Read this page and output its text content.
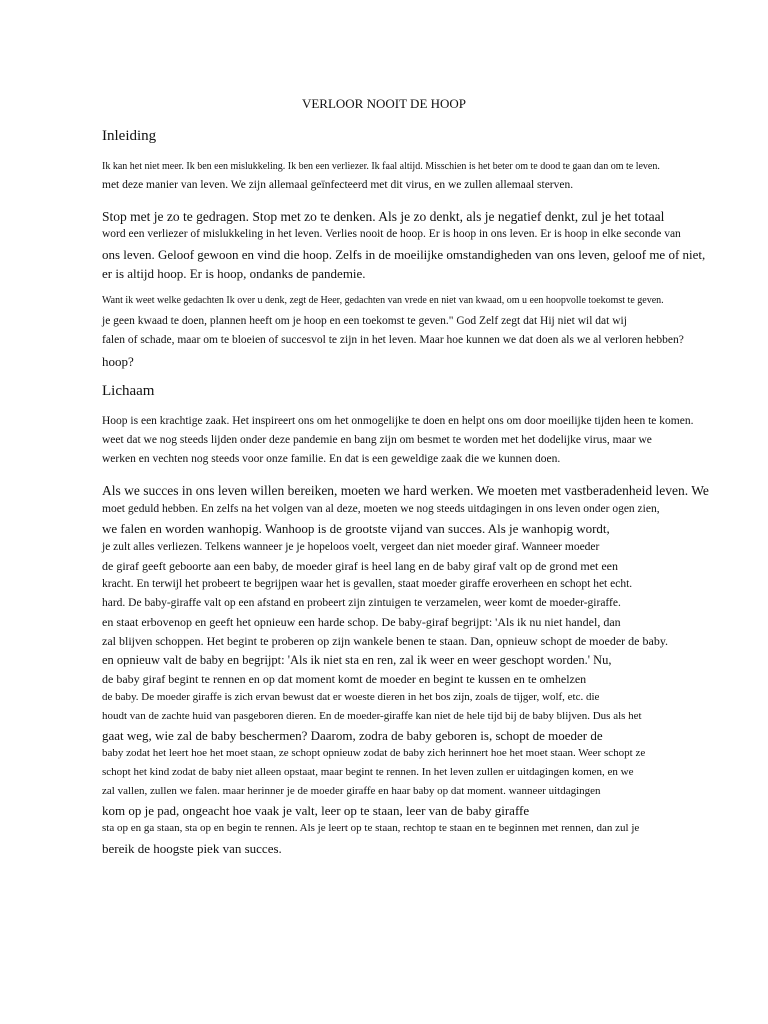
VERLOOR NOOIT DE HOOP
Inleiding
Ik kan het niet meer. Ik ben een mislukkeling. Ik ben een verliezer. Ik faal altijd. Misschien is het beter om te dood te gaan dan om te leven.
met deze manier van leven. We zijn allemaal geïnfecteerd met dit virus, en we zullen allemaal sterven.
Stop met je zo te gedragen. Stop met zo te denken. Als je zo denkt, als je negatief denkt, zul je het totaal
word een verliezer of mislukkeling in het leven. Verlies nooit de hoop. Er is hoop in ons leven. Er is hoop in elke seconde van
ons leven. Geloof gewoon en vind die hoop. Zelfs in de moeilijke omstandigheden van ons leven, geloof me of niet,
er is altijd hoop. Er is hoop, ondanks de pandemie.
Want ik weet welke gedachten Ik over u denk, zegt de Heer, gedachten van vrede en niet van kwaad, om u een hoopvolle toekomst te geven.
je geen kwaad te doen, plannen heeft om je hoop en een toekomst te geven." God Zelf zegt dat Hij niet wil dat wij
falen of schade, maar om te bloeien of succesvol te zijn in het leven. Maar hoe kunnen we dat doen als we al verloren hebben?
hoop?
Lichaam
Hoop is een krachtige zaak. Het inspireert ons om het onmogelijke te doen en helpt ons om door moeilijke tijden heen te komen.
weet dat we nog steeds lijden onder deze pandemie en bang zijn om besmet te worden met het dodelijke virus, maar we
werken en vechten nog steeds voor onze familie. En dat is een geweldige zaak die we kunnen doen.
Als we succes in ons leven willen bereiken, moeten we hard werken. We moeten met vastberadenheid leven. We
moet geduld hebben. En zelfs na het volgen van al deze, moeten we nog steeds uitdagingen in ons leven onder ogen zien,
we falen en worden wanhopig. Wanhoop is de grootste vijand van succes. Als je wanhopig wordt,
je zult alles verliezen. Telkens wanneer je je hopeloos voelt, vergeet dan niet moeder giraf. Wanneer moeder
de giraf geeft geboorte aan een baby, de moeder giraf is heel lang en de baby giraf valt op de grond met een
kracht. En terwijl het probeert te begrijpen waar het is gevallen, staat moeder giraffe eroverheen en schopt het echt.
hard. De baby-giraffe valt op een afstand en probeert zijn zintuigen te verzamelen, weer komt de moeder-giraffe.
en staat erbovenop en geeft het opnieuw een harde schop. De baby-giraf begrijpt: 'Als ik nu niet handel, dan
zal blijven schoppen. Het begint te proberen op zijn wankele benen te staan. Dan, opnieuw schopt de moeder de baby.
en opnieuw valt de baby en begrijpt: 'Als ik niet sta en ren, zal ik weer en weer geschopt worden.' Nu,
de baby giraf begint te rennen en op dat moment komt de moeder en begint te kussen en te omhelzen
de baby. De moeder giraffe is zich ervan bewust dat er woeste dieren in het bos zijn, zoals de tijger, wolf, etc. die
houdt van de zachte huid van pasgeboren dieren. En de moeder-giraffe kan niet de hele tijd bij de baby blijven. Dus als het
gaat weg, wie zal de baby beschermen? Daarom, zodra de baby geboren is, schopt de moeder de
baby zodat het leert hoe het moet staan, ze schopt opnieuw zodat de baby zich herinnert hoe het moet staan. Weer schopt ze
schopt het kind zodat de baby niet alleen opstaat, maar begint te rennen. In het leven zullen er uitdagingen komen, en we
zal vallen, zullen we falen. maar herinner je de moeder giraffe en haar baby op dat moment. wanneer uitdagingen
kom op je pad, ongeacht hoe vaak je valt, leer op te staan, leer van de baby giraffe
sta op en ga staan, sta op en begin te rennen. Als je leert op te staan, rechtop te staan en te beginnen met rennen, dan zul je
bereik de hoogste piek van succes.
